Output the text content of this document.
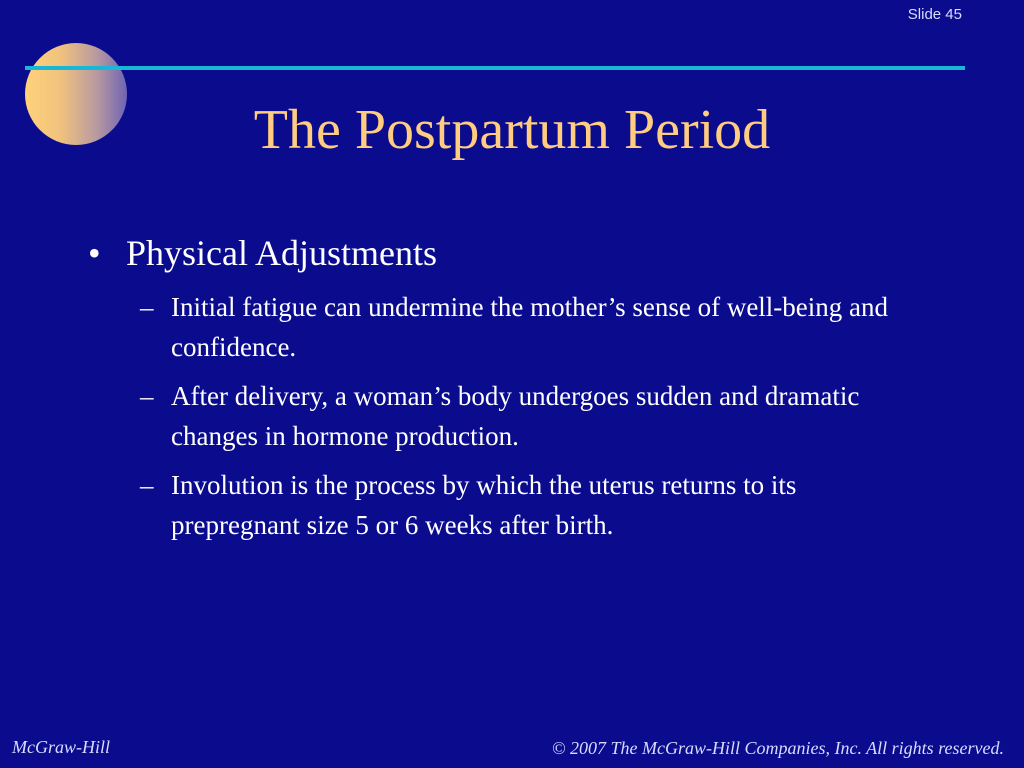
Slide 45
The Postpartum Period
• Physical Adjustments
– Initial fatigue can undermine the mother’s sense of well-being and confidence.
– After delivery, a woman’s body undergoes sudden and dramatic changes in hormone production.
– Involution is the process by which the uterus returns to its prepregnant size 5 or 6 weeks after birth.
McGraw-Hill	© 2007 The McGraw-Hill Companies, Inc. All rights reserved.
